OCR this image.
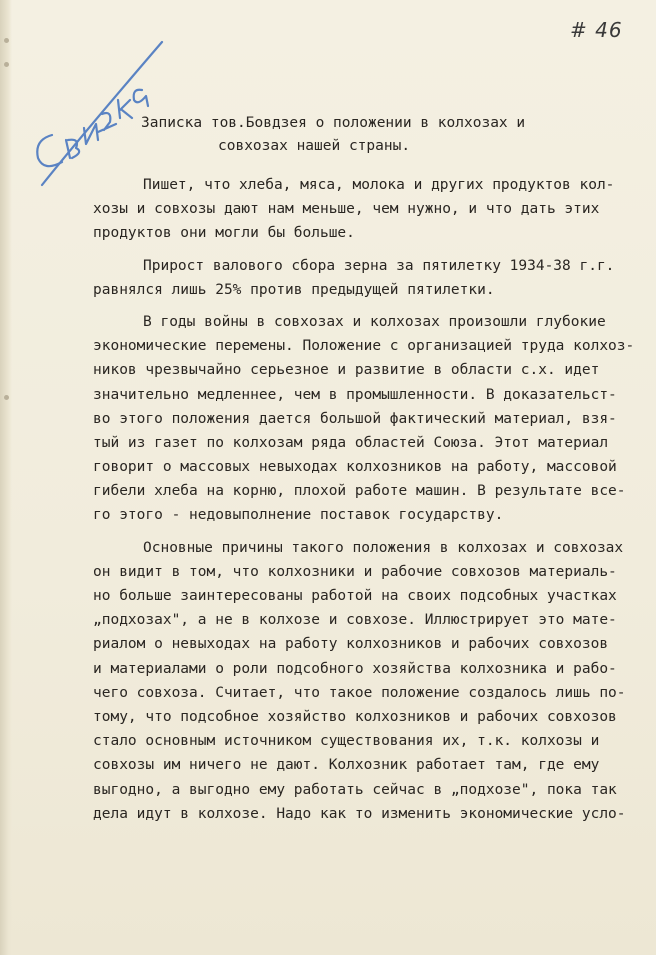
# 46
Записка тов.Бовдзея о положении в колхозах и
совхозах нашей страны.
Пишет, что хлеба, мяса, молока и других продуктов кол-
хозы и совхозы дают нам меньше, чем нужно, и что дать этих
продуктов они могли бы больше.
Прирост валового сбора зерна за пятилетку 1934-38 г.г.
равнялся лишь 25% против предыдущей пятилетки.
В годы войны в совхозах и колхозах произошли глубокие
экономические перемены. Положение с организацией труда колхоз-
ников чрезвычайно серьезное и развитие в области с.х. идет
значительно медленнее, чем в промышленности. В доказательст-
во этого положения дается большой фактический материал, взя-
тый из газет по колхозам ряда областей Союза. Этот материал
говорит о массовых невыходах колхозников на работу, массовой
гибели хлеба на корню, плохой работе машин. В результате все-
го этого - недовыполнение поставок государству.
Основные причины такого положения в колхозах и совхозах
он видит в том, что колхозники и рабочие совхозов материаль-
но больше заинтересованы работой на своих подсобных участках
„подхозах", а не в колхозе и совхозе. Иллюстрирует это мате-
риалом о невыходах на работу колхозников и рабочих совхозов
и материалами о роли подсобного хозяйства колхозника и рабо-
чего совхоза. Считает, что такое положение создалось лишь по-
тому, что подсобное хозяйство колхозников и рабочих совхозов
стало основным источником существования их, т.к. колхозы и
совхозы им ничего не дают. Колхозник работает там, где ему
выгодно, а выгодно ему работать сейчас в „подхозе", пока так
дела идут в колхозе. Надо как то изменить экономические усло-
